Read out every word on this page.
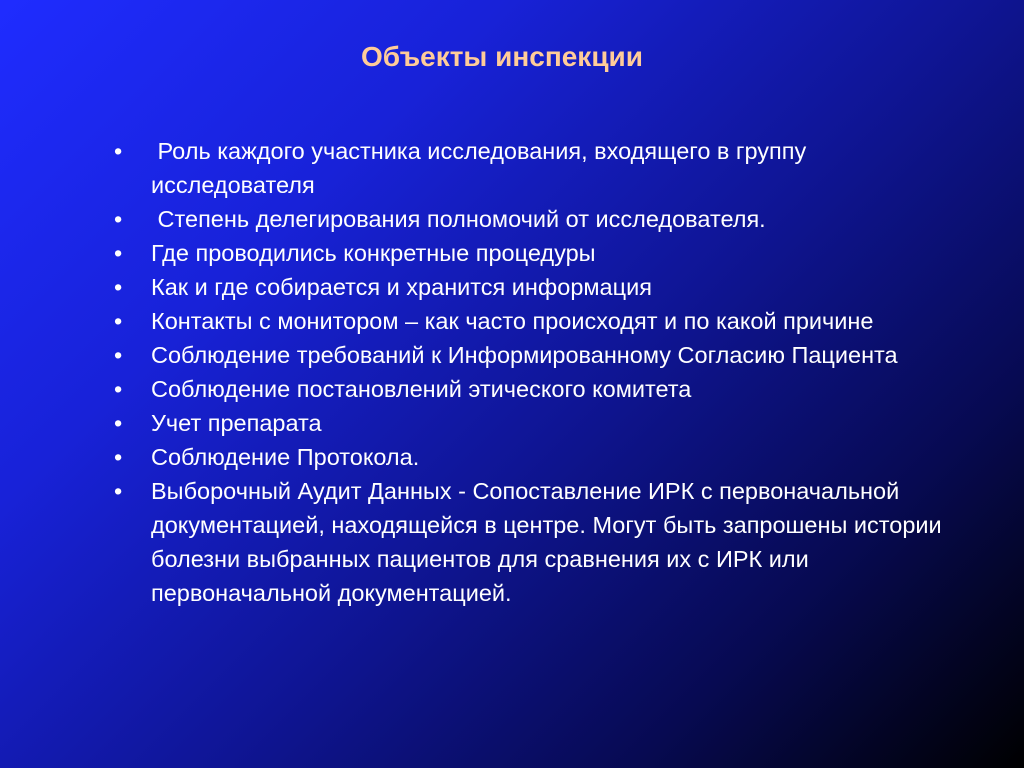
Объекты инспекции
• Роль каждого участника исследования, входящего в группу исследователя
• Степень делегирования полномочий от исследователя.
• Где проводились конкретные процедуры
• Как и где собирается и хранится информация
• Контакты с монитором – как часто происходят и по какой причине
• Соблюдение требований к Информированному Согласию Пациента
• Соблюдение постановлений этического комитета
• Учет препарата
• Соблюдение Протокола.
• Выборочный Аудит Данных - Сопоставление ИРК с первоначальной документацией, находящейся в центре. Могут быть запрошены истории болезни выбранных пациентов для сравнения их с ИРК или первоначальной документацией.
